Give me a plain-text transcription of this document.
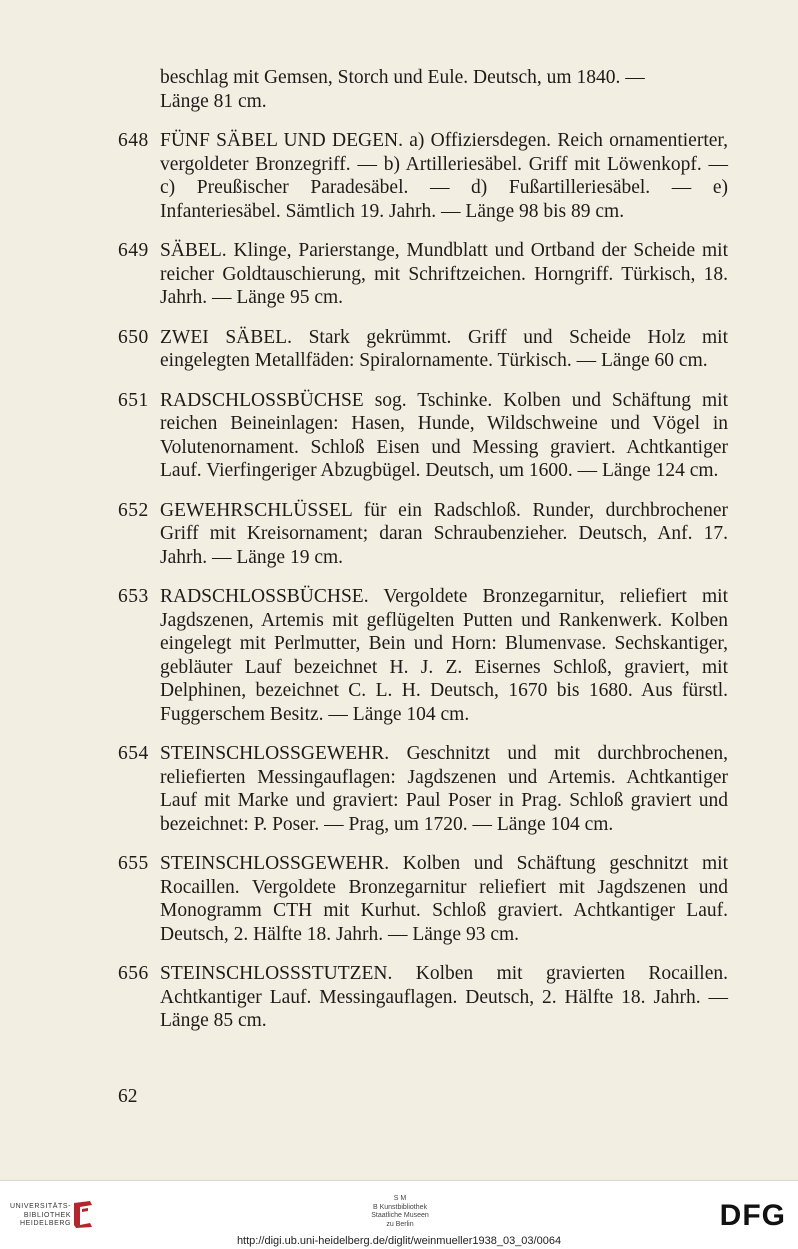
beschlag mit Gemsen, Storch und Eule. Deutsch, um 1840. —
Länge 81 cm.
648 FÜNF SÄBEL UND DEGEN. a) Offiziersdegen. Reich ornamentierter, vergoldeter Bronzegriff. — b) Artilleriesäbel. Griff mit Löwenkopf. — c) Preußischer Paradesäbel. — d) Fußartilleriesäbel. — e) Infanteriesäbel. Sämtlich 19. Jahrh. — Länge 98 bis 89 cm.
649 SÄBEL. Klinge, Parierstange, Mundblatt und Ortband der Scheide mit reicher Goldtauschierung, mit Schriftzeichen. Horngriff. Türkisch, 18. Jahrh. — Länge 95 cm.
650 ZWEI SÄBEL. Stark gekrümmt. Griff und Scheide Holz mit eingelegten Metallfäden: Spiralornamente. Türkisch. — Länge 60 cm.
651 RADSCHLOSSBÜCHSE sog. Tschinke. Kolben und Schäftung mit reichen Beineinlagen: Hasen, Hunde, Wildschweine und Vögel in Volutenornament. Schloß Eisen und Messing graviert. Achtkantiger Lauf. Vierfingeriger Abzugbügel. Deutsch, um 1600. — Länge 124 cm.
652 GEWEHRSCHLÜSSEL für ein Radschloß. Runder, durchbrochener Griff mit Kreisornament; daran Schraubenzieher. Deutsch, Anf. 17. Jahrh. — Länge 19 cm.
653 RADSCHLOSSBÜCHSE. Vergoldete Bronzegarnitur, reliefiert mit Jagdszenen, Artemis mit geflügelten Putten und Rankenwerk. Kolben eingelegt mit Perlmutter, Bein und Horn: Blumenvase. Sechskantiger, gebläuter Lauf bezeichnet H. J. Z. Eisernes Schloß, graviert, mit Delphinen, bezeichnet C. L. H. Deutsch, 1670 bis 1680. Aus fürstl. Fuggerschem Besitz. — Länge 104 cm.
654 STEINSCHLOSSGEWEHR. Geschnitzt und mit durchbrochenen, reliefierten Messingauflagen: Jagdszenen und Artemis. Achtkantiger Lauf mit Marke und graviert: Paul Poser in Prag. Schloß graviert und bezeichnet: P. Poser. — Prag, um 1720. — Länge 104 cm.
655 STEINSCHLOSSGEWEHR. Kolben und Schäftung geschnitzt mit Rocaillen. Vergoldete Bronzegarnitur reliefiert mit Jagdszenen und Monogramm CTH mit Kurhut. Schloß graviert. Achtkantiger Lauf. Deutsch, 2. Hälfte 18. Jahrh. — Länge 93 cm.
656 STEINSCHLOSSSTUTZEN. Kolben mit gravierten Rocaillen. Achtkantiger Lauf. Messingauflagen. Deutsch, 2. Hälfte 18. Jahrh. — Länge 85 cm.
62
UNIVERSITÄTS-
BIBLIOTHEK
HEIDELBERG
S M
B Kunstbibliothek
Staatliche Museen
zu Berlin	DFG
http://digi.ub.uni-heidelberg.de/diglit/weinmueller1938_03_03/0064
